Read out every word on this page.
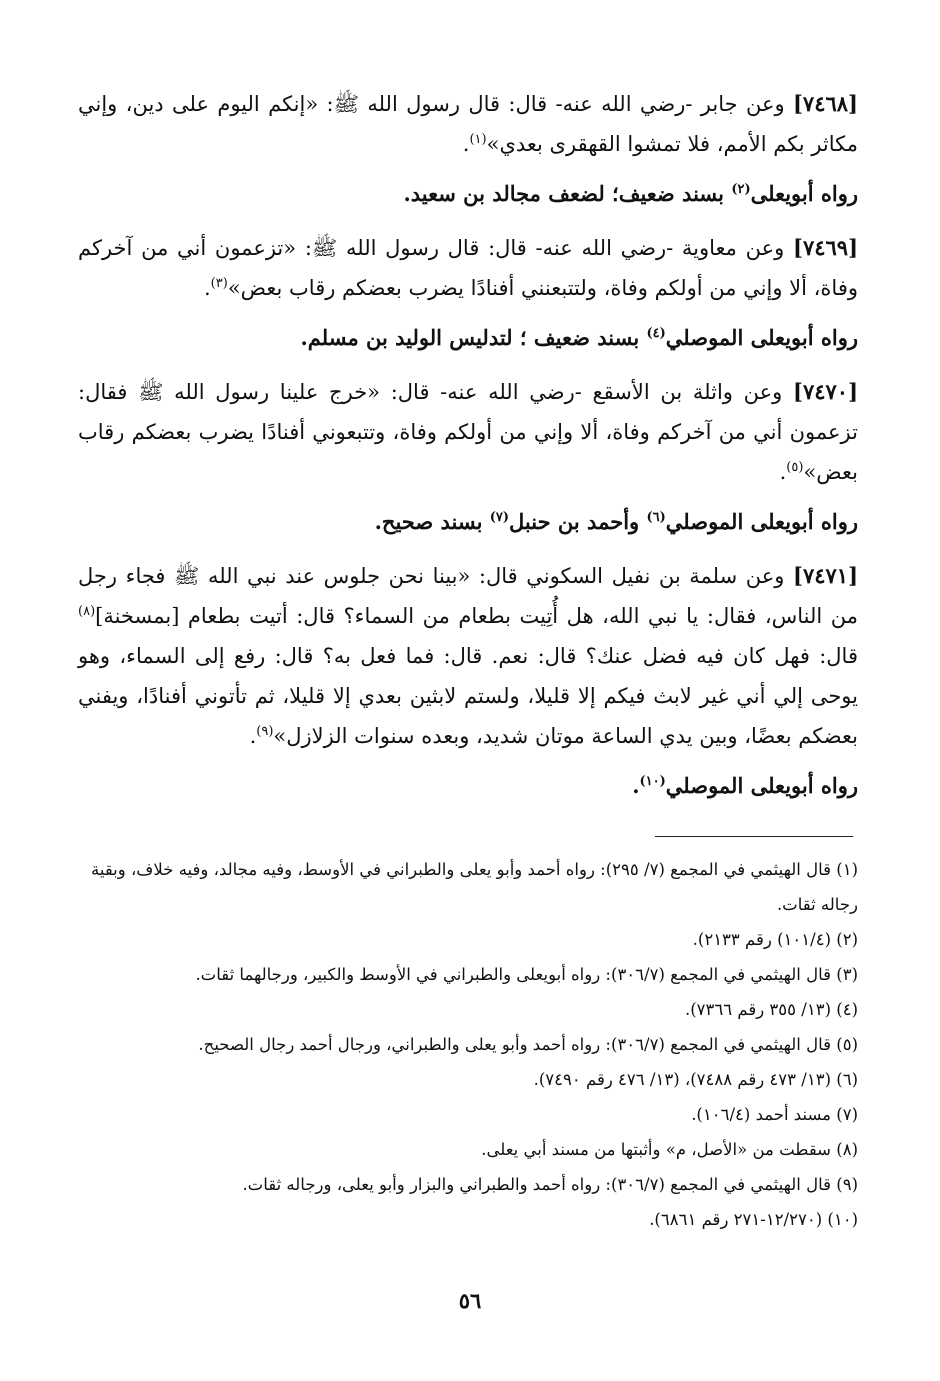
[٧٤٦٨] وعن جابر -رضي الله عنه- قال: قال رسول الله ﷺ: «إنكم اليوم على دين، وإني مكاثر بكم الأمم، فلا تمشوا القهقرى بعدي»$^{(١)}$.

رواه أبويعلى$^{(٢)}$ بسند ضعيف؛ لضعف مجالد بن سعيد.

[٧٤٦٩] وعن معاوية -رضي الله عنه- قال: قال رسول الله ﷺ: «تزعمون أني من آخركم وفاة، ألا وإني من أولكم وفاة، ولتتبعنني أفنادًا يضرب بعضكم رقاب بعض»$^{(٣)}$.

رواه أبويعلى الموصلي$^{(٤)}$ بسند ضعيف ؛ لتدليس الوليد بن مسلم.

[٧٤٧٠] وعن واثلة بن الأسقع -رضي الله عنه- قال: «خرج علينا رسول الله ﷺ فقال: تزعمون أني من آخركم وفاة، ألا وإني من أولكم وفاة، وتتبعوني أفنادًا يضرب بعضكم رقاب بعض»$^{(٥)}$.

رواه أبويعلى الموصلي$^{(٦)}$ وأحمد بن حنبل$^{(٧)}$ بسند صحيح.

[٧٤٧١] وعن سلمة بن نفيل السكوني قال: «بينا نحن جلوس عند نبي الله ﷺ فجاء رجل من الناس، فقال: يا نبي الله، هل أُتِيت بطعام من السماء؟ قال: أتيت بطعام [بمسخنة]$^{(٨)}$ قال: فهل كان فيه فضل عنك؟ قال: نعم. قال: فما فعل به؟ قال: رفع إلى السماء، وهو يوحى إلي أني غير لابث فيكم إلا قليلا، ولستم لابثين بعدي إلا قليلا، ثم تأتوني أفنادًا، ويفني بعضكم بعضًا، وبين يدي الساعة موتان شديد، وبعده سنوات الزلازل»$^{(٩)}$.

رواه أبويعلى الموصلي$^{(١٠)}$.

(١) قال الهيثمي في المجمع (٧/ ٢٩٥): رواه أحمد وأبو يعلى والطبراني في الأوسط، وفيه مجالد، وفيه خلاف، وبقية رجاله ثقات.

(٢) (١٠١/٤) رقم ٢١٣٣).

(٣) قال الهيثمي في المجمع (٣٠٦/٧): رواه أبويعلى والطبراني في الأوسط والكبير، ورجالهما ثقات.

(٤) (١٣/ ٣٥٥ رقم ٧٣٦٦).

(٥) قال الهيثمي في المجمع (٣٠٦/٧): رواه أحمد وأبو يعلى والطبراني، ورجال أحمد رجال الصحيح.

(٦) (١٣/ ٤٧٣ رقم ٧٤٨٨)، (١٣/ ٤٧٦ رقم ٧٤٩٠).

(٧) مسند أحمد (١٠٦/٤).

(٨) سقطت من «الأصل، م» وأثبتها من مسند أبي يعلى.

(٩) قال الهيثمي في المجمع (٣٠٦/٧): رواه أحمد والطبراني والبزار وأبو يعلى، ورجاله ثقات.

(١٠) (١٢/٢٧٠-٢٧١ رقم ٦٨٦١).

٥٦
